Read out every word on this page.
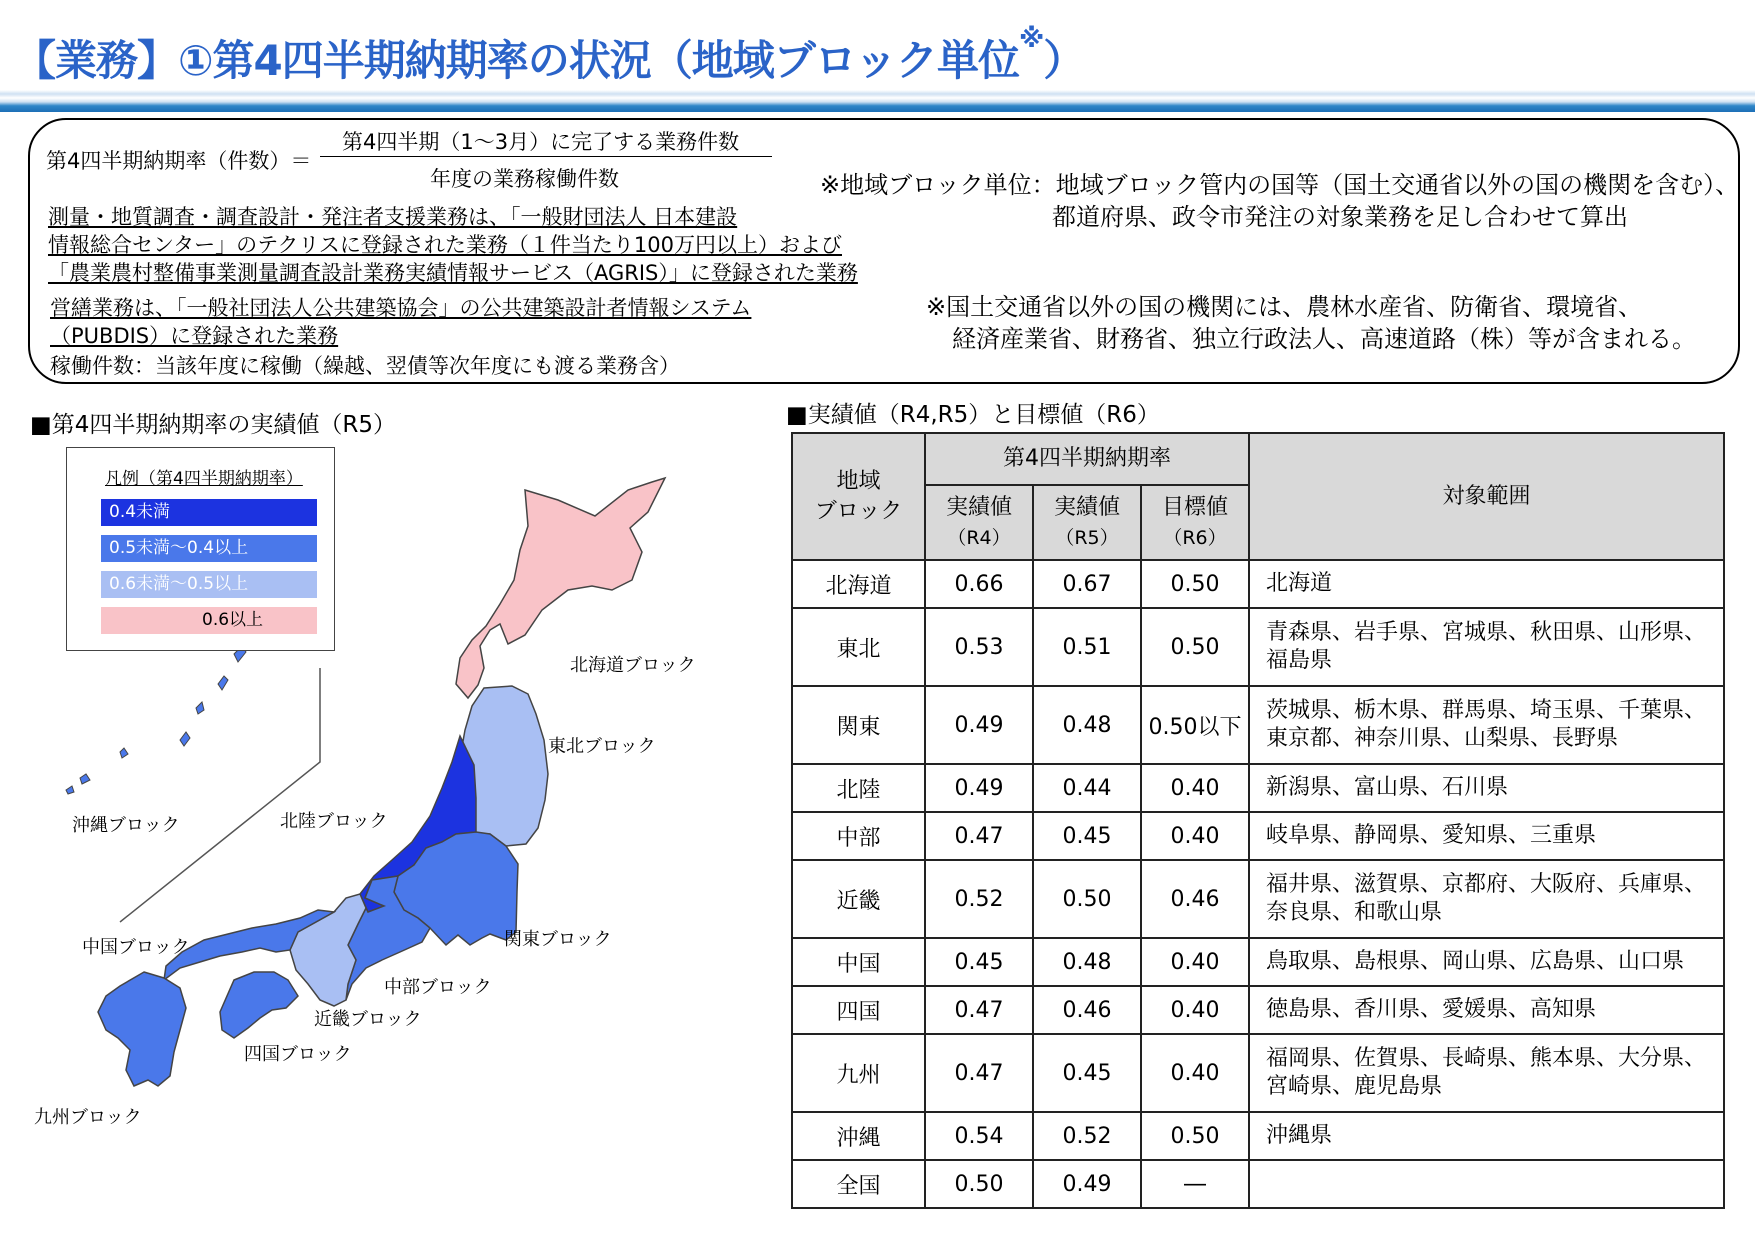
【業務】①第4四半期納期率の状況（地域ブロック単位※）
第4四半期納期率（件数）＝
第4四半期（1～3月）に完了する業務件数
年度の業務稼働件数
測量・地質調査・調査設計・発注者支援業務は、「一般財団法人 日本建設
情報総合センター」のテクリスに登録された業務（１件当たり100万円以上）および
「農業農村整備事業測量調査設計業務実績情報サービス（AGRIS）」に登録された業務
営繕業務は、「一般社団法人公共建築協会」の公共建築設計者情報システム
（PUBDIS）に登録された業務
稼働件数：当該年度に稼働（繰越、翌債等次年度にも渡る業務含）
※地域ブロック単位：地域ブロック管内の国等（国土交通省以外の国の機関を含む）、
都道府県、政令市発注の対象業務を足し合わせて算出
※国土交通省以外の国の機関には、農林水産省、防衛省、環境省、
経済産業省、財務省、独立行政法人、高速道路（株）等が含まれる。
■第4四半期納期率の実績値（R5）	■実績値（R4,R5）と目標値（R6）
凡例（第4四半期納期率）
0.4未満
0.5未満～0.4以上
0.6未満～0.5以上
0.6以上
北海道ブロック
東北ブロック
沖縄ブロック	北陸ブロック
中国ブロック	関東ブロック
中部ブロック
近畿ブロック
四国ブロック
九州ブロック
地域
ブロック	第4四半期納期率			対象範囲
	実績値
（R4）	実績値
（R5）	目標値
（R6）	
北海道	0.66	0.67	0.50	北海道
東北	0.53	0.51	0.50	青森県、岩手県、宮城県、秋田県、山形県、
福島県
関東	0.49	0.48	0.50以下	茨城県、栃木県、群馬県、埼玉県、千葉県、
東京都、神奈川県、山梨県、長野県
北陸	0.49	0.44	0.40	新潟県、富山県、石川県
中部	0.47	0.45	0.40	岐阜県、静岡県、愛知県、三重県
近畿	0.52	0.50	0.46	福井県、滋賀県、京都府、大阪府、兵庫県、
奈良県、和歌山県
中国	0.45	0.48	0.40	鳥取県、島根県、岡山県、広島県、山口県
四国	0.47	0.46	0.40	徳島県、香川県、愛媛県、高知県
九州	0.47	0.45	0.40	福岡県、佐賀県、長崎県、熊本県、大分県、
宮崎県、鹿児島県
沖縄	0.54	0.52	0.50	沖縄県
全国	0.50	0.49	―	
